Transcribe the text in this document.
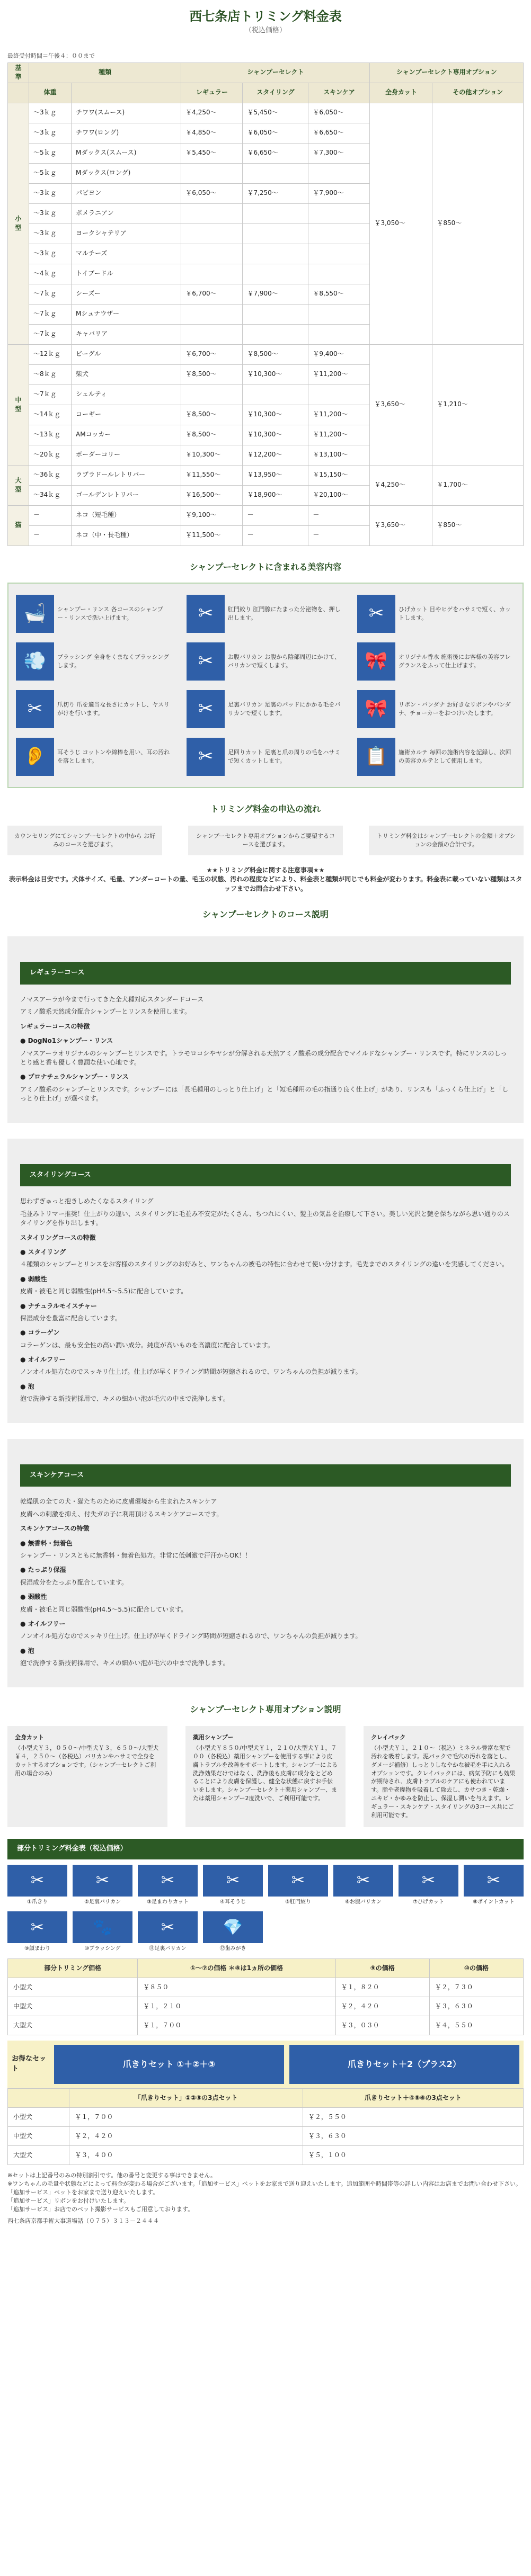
西七条店トリミング料金表
（税込価格）
最終受付時間＝午後４：００まで
基準	種類		シャンプーセレクト			シャンプーセレクト専用オプション	
	体重		レギュラー	スタイリング	スキンケア	全身カット	その他オプション
小型	～3ｋｇ	チワワ(スムース)	￥4,250～	￥5,450～	￥6,050～	￥3,050～	￥850～
	～3ｋｇ	チワワ(ロング)	￥4,850～	￥6,050～	￥6,650～		
	～5ｋｇ	Mダックス(スムース)	￥5,450～	￥6,650～	￥7,300～		
	～5ｋｇ	Mダックス(ロング)					
	～3ｋｇ	パピヨン	￥6,050～	￥7,250～	￥7,900～		
	～3ｋｇ	ポメラニアン					
	～3ｋｇ	ヨークシャテリア					
	～3ｋｇ	マルチーズ					
	～4ｋｇ	トイプードル					
	～7ｋｇ	シーズー	￥6,700～	￥7,900～	￥8,550～		
	～7ｋｇ	Mシュナウザー					
	～7ｋｇ	キャバリア					
中型	～12ｋｇ	ビーグル	￥6,700～	￥8,500～	￥9,400～	￥3,650～	￥1,210～
	～8ｋｇ	柴犬	￥8,500～	￥10,300～	￥11,200～		
	～7ｋｇ	シェルティ					
	～14ｋｇ	コーギー	￥8,500～	￥10,300～	￥11,200～		
	～13ｋｇ	AMコッカー	￥8,500～	￥10,300～	￥11,200～		
	～20ｋｇ	ボーダーコリー	￥10,300～	￥12,200～	￥13,100～		
大型	～36ｋｇ	ラブラドールレトリバー	￥11,550～	￥13,950～	￥15,150～	￥4,250～	￥1,700～
	～34ｋｇ	ゴールデンレトリバー	￥16,500～	￥18,900～	￥20,100～		
猫	－	ネコ（短毛種）	￥9,100～	－	－	￥3,650～	￥850～
	－	ネコ（中・長毛種）	￥11,500～	－	－		
シャンプーセレクトに含まれる美容内容
🛁	シャンプー・リンス 各コースのシャンプー・リンスで洗い上げます。	✂	肛門絞り 肛門腺にたまった分泌物を、押し出します。	✂	ひげカット 目やヒゲをハサミで短く、カットします。
💨	ブラッシング 全身をくまなくブラッシングします。	✂	お腹バリカン お腹から陰部周辺にかけて、バリカンで短くします。	🎀	オリジナル香水 施術後にお客様の美容フレグランスをふって仕上げます。
✂	爪切り 爪を適当な長さにカットし、ヤスリがけを行います。	✂	足裏バリカン 足裏のパッドにかかる毛をバリカンで短くします。	🎀	リボン・バンダナ お好きなリボンやバンダナ、チョーカーをおつけいたします。
👂	耳そうじ コットンや綿棒を用い、耳の汚れを落とします。	✂	足回りカット 足裏と爪の周りの毛をハサミで短くカットします。	📋	施術カルテ 毎回の施術内容を記録し、次回の美容カルテとして使用します。
トリミング料金の申込の流れ
カウンセリングにてシャンプーセレクトの中から お好みのコースを選びます。
シャンプーセレクト専用オプションからご要望するコースを選びます。
トリミング料金はシャンプーセレクトの金額＋オプションの金額の合計です。
★★トリミング料金に関する注意事項★★
表示料金は目安です。犬体サイズ、毛量、アンダーコートの量、毛玉の状態、汚れの程度などにより、料金表と種類が同じでも料金が変わります。料金表に載っていない種類はスタッフまでお問合わせ下さい。
シャンプーセレクトのコース説明
レギュラーコース
ノマスアーラが今まで行ってきた全犬種対応スタンダードコース
アミノ酸系天然成分配合シャンプーとリンスを使用します。
レギュラーコースの特徴
● DogNo1シャンプー・リンス
ノマスアーラオリジナルのシャンプーとリンスです。トラモロコシやヤシが分解される天然アミノ酸系の成分配合でマイルドなシャンプー・リンスです。特にリンスのしっとり感と香も優しく豊潤な使い心地です。
● プロナチュラルシャンプー・リンス
アミノ酸系のシャンプーとリンスです。シャンプーには「長毛種用のしっとり仕上げ」と「短毛種用の毛の指通り良く仕上げ」があり、リンスも「ふっくら仕上げ」と「しっとり仕上げ」が選べます。
スタイリングコース
思わずぎゅっと抱きしめたくなるスタイリング
毛並みトリマー推奨！仕上がりの違い、スタイリングに毛並み不安定がたくさん、ちつれにくい、髪主の気品を治療して下さい。美しい光沢と艶を保ちながら思い通りのスタイリングを作り出します。
スタイリングコースの特徴
● スタイリング
４種類のシャンプーとリンスをお客様のスタイリングのお好みと、ワンちゃんの被毛の特性に合わせて使い分けます。毛先までのスタイリングの違いを実感してください。
● 弱酸性
皮膚・被毛と同じ弱酸性(pH4.5〜5.5)に配合しています。
● ナチュラルモイスチャー
保湿成分を豊富に配合しています。
● コラーゲン
コラーゲンは、最も安全性の高い潤い成分。純度が高いものを高濃度に配合しています。
● オイルフリー
ノンオイル処方なのでスッキリ仕上げ。仕上げが早くドライング時間が短縮されるので、ワンちゃんの負担が減ります。
● 泡
泡で洗浄する新技術採用で、キメの細かい泡が毛穴の中まで洗浄します。
スキンケアコース
乾燥肌の全ての犬・猫たちのために皮膚環境から生まれたスキンケア
皮膚への刺激を抑え、付失ガの子に利用頂けるスキンケアコースです。
スキンケアコースの特徴
● 無香料・無着色
シャンプー・リンスともに無香料・無着色処方。非常に低刺激で汗汗からOK！！
● たっぷり保湿
保湿成分をたっぷり配合しています。
● 弱酸性
皮膚・被毛と同じ弱酸性(pH4.5〜5.5)に配合しています。
● オイルフリー
ノンオイル処方なのでスッキリ仕上げ。仕上げが早くドライング時間が短縮されるので、ワンちゃんの負担が減ります。
● 泡
泡で洗浄する新技術採用で、キメの細かい泡が毛穴の中まで洗浄します。
シャンプーセレクト専用オプション説明
全身カット
（小型犬￥３，０５０～/中型犬￥３，６５０～/大型犬￥４，２５０～（各税込）バリカンやハサミで全身をカットするオプションです。（シャンプーセレクトご利用の場合のみ）
薬用シャンプー
（小型犬￥８５０/中型犬￥１，２１０/大型犬￥１，７００（各税込）薬用シャンプーを使用する事により皮膚トラブルを改善をサポートします。シャンプーによる洗浄効果だけではなく、洗浄後も皮膚に成分をとどめることにより皮膚を保護し、健全な状態に戻すお手伝いをします。シャンプーセレクト＋薬用シャンプー、または薬用シャンプー2度洗いで、ご利用可能です。
クレイパック
（小型犬￥１，２１０～（税込）ミネラル豊富な泥で汚れを吸着します。泥パックで毛穴の汚れを落とし、ダメージ補修）しっとりしなやかな被毛を手に入れるオプションです。クレイパックには、病気予防にも効果が期待され、皮膚トラブルのケアにも使われています。脂や老廃物を吸着して除去し、カサつき・乾燥・ニキビ・かゆみを防止し、保湿し潤いを与えます。レギュラー・スキンケア・スタイリングの3コース共にご利用可能です。
部分トリミング料金表（税込価格）
✂
①爪きり
✂
②足裏バリカン
✂
③足まわりカット
✂
④耳そうじ
✂
⑤肛門絞り
✂
⑥お腹バリカン
✂
⑦ひげカット
✂
⑧ポイントカット
✂
⑨顔まわり
🐾
⑩ブラッシング
✂
⑪足裏バリカン
💎
⑫歯みがき
部分トリミング価格	①～⑦の価格 ＊⑧は1ヵ所の価格	⑨の価格	⑩の価格
小型犬	￥８５０	￥１，８２０	￥２，７３０
中型犬	￥１，２１０	￥２，４２０	￥３，６３０
大型犬	￥１，７００	￥３，０３０	￥４，５５０
お得なセット	爪きりセット ①＋②＋③	爪きりセット＋2（プラス2）
	「爪きりセット」①②③の3点セット	爪きりセット＋④⑤⑥の3点セット
小型犬	￥１，７００	￥２，５５０
中型犬	￥２，４２０	￥３，６３０
大型犬	￥３，４００	￥５，１００
※セットは上記番号のみの特別割引です。他の番号と変更する事はできません。
※ワンちゃんの毛量や状態などによって料金が変わる場合がございます。「追加サービス」ペットをお家まで送り迎えいたします。追加範囲や時間帯等の詳しい内容はお店までお問い合わせ下さい。
「追加サービス」ペットをお家まで送り迎えいたします。
「追加サービス」リボンをお付けいたします。
「追加サービス」お店でのペット撮影サービスもご用意しております。
西七条店京都手術大事道場話（０７５）３１３－２４４４
